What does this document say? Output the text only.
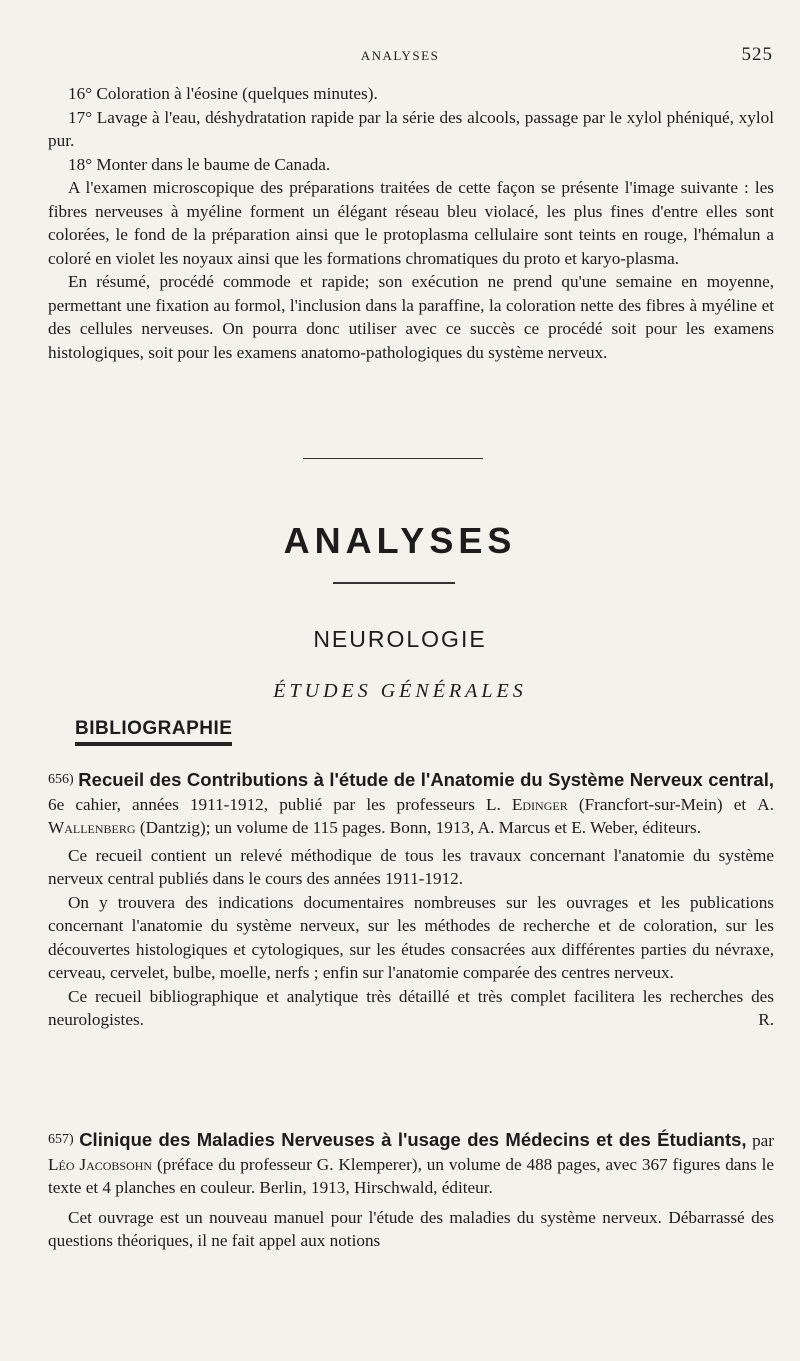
ANALYSES	525

16° Coloration à l'éosine (quelques minutes).

17° Lavage à l'eau, déshydratation rapide par la série des alcools, passage par le xylol phéniqué, xylol pur.

18° Monter dans le baume de Canada.

A l'examen microscopique des préparations traitées de cette façon se présente l'image suivante : les fibres nerveuses à myéline forment un élégant réseau bleu violacé, les plus fines d'entre elles sont colorées, le fond de la préparation ainsi que le protoplasma cellulaire sont teints en rouge, l'hémalun a coloré en violet les noyaux ainsi que les formations chromatiques du proto et karyo-plasma.

En résumé, procédé commode et rapide; son exécution ne prend qu'une semaine en moyenne, permettant une fixation au formol, l'inclusion dans la paraffine, la coloration nette des fibres à myéline et des cellules nerveuses. On pourra donc utiliser avec ce succès ce procédé soit pour les examens histologiques, soit pour les examens anatomo-pathologiques du système nerveux.

ANALYSES
NEUROLOGIE
ÉTUDES GÉNÉRALES
BIBLIOGRAPHIE

656) Recueil des Contributions à l'étude de l'Anatomie du Système Nerveux central, 6e cahier, années 1911-1912, publié par les professeurs L. Edinger (Francfort-sur-Mein) et A. Wallenberg (Dantzig); un volume de 115 pages. Bonn, 1913, A. Marcus et E. Weber, éditeurs.

Ce recueil contient un relevé méthodique de tous les travaux concernant l'anatomie du système nerveux central publiés dans le cours des années 1911-1912.

On y trouvera des indications documentaires nombreuses sur les ouvrages et les publications concernant l'anatomie du système nerveux, sur les méthodes de recherche et de coloration, sur les découvertes histologiques et cytologiques, sur les études consacrées aux différentes parties du névraxe, cerveau, cervelet, bulbe, moelle, nerfs ; enfin sur l'anatomie comparée des centres nerveux.

Ce recueil bibliographique et analytique très détaillé et très complet facilitera les recherches des neurologistes.	R.

657) Clinique des Maladies Nerveuses à l'usage des Médecins et des Étudiants, par Léo Jacobsohn (préface du professeur G. Klemperer), un volume de 488 pages, avec 367 figures dans le texte et 4 planches en couleur. Berlin, 1913, Hirschwald, éditeur.

Cet ouvrage est un nouveau manuel pour l'étude des maladies du système nerveux. Débarrassé des questions théoriques, il ne fait appel aux notions
